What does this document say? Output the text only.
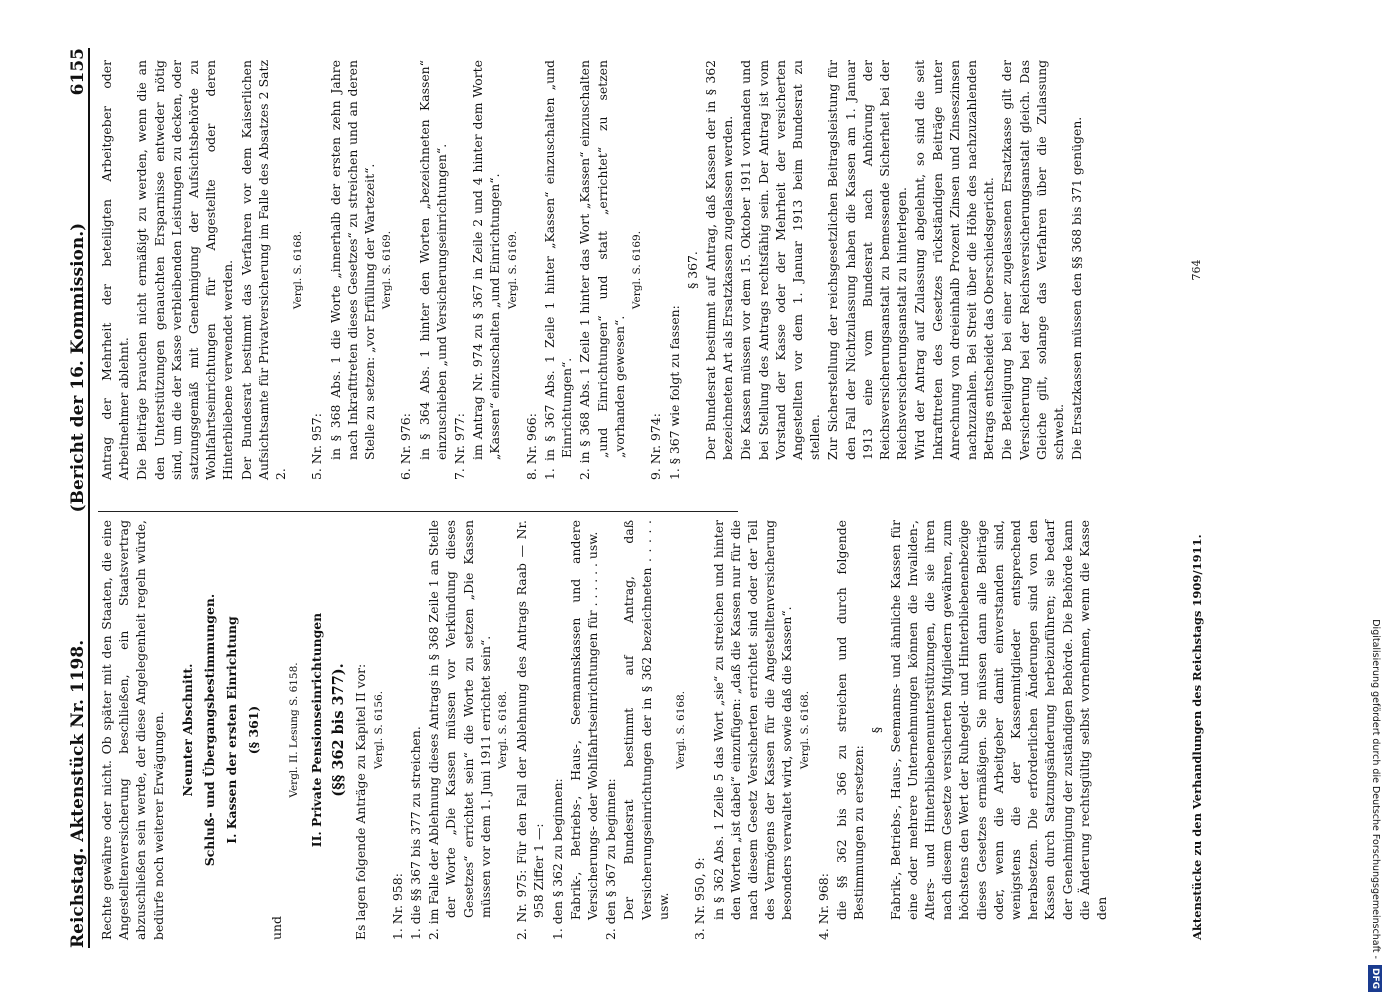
Reichstag. Aktenstück Nr. 1198.
(Bericht der 16. Kommission.)
6155

Rechte gewähre oder nicht. Ob später mit den Staaten, die eine Angestelltenversicherung beschließen, ein Staatsvertrag abzuschließen sein werde, der diese Angelegenheit regeln würde, bedürfe noch weiterer Erwägungen. Neunter Abschnitt. Schluß- und Übergangsbestimmungen. I. Kassen der ersten Einrichtung (§ 361)

und

Vergl. II. Lesung S. 6158. II. Private Pensionseinrichtungen (§§ 362 bis 377). Es lagen folgende Anträge zu Kapitel II vor: Vergl. S. 6156.

1. Nr. 958: 1. die §§ 367 bis 377 zu streichen. 2. im Falle der Ablehnung dieses Antrags in § 368 Zeile 1 an Stelle der Worte „Die Kassen müssen vor Verkündung dieses Gesetzes“ errichtet sein“ die Worte zu setzen „Die Kassen müssen vor dem 1. Juni 1911 errichtet sein“. Vergl. S. 6168. 2. Nr. 975: Für den Fall der Ablehnung des Antrags Raab — Nr. 958 Ziffer 1 —: 1. den § 362 zu beginnen: Fabrik-, Betriebs-, Haus-, Seemannskassen und andere Versicherungs- oder Wohlfahrtseinrichtungen für . . . . . . usw. 2. den § 367 zu beginnen: Der Bundesrat bestimmt auf Antrag, daß Versicherungseinrichtungen der in § 362 bezeichneten . . . . . usw.

Vergl. S. 6168.

3. Nr. 950, 9: in § 362 Abs. 1 Zeile 5 das Wort „sie“ zu streichen und hinter den Worten „ist dabei“ einzufügen: „daß die Kassen nur für die nach diesem Gesetz Versicherten errichtet sind oder der Teil des Vermögens der Kassen für die Angestelltenversicherung besonders verwaltet wird, sowie daß die Kassen“. Vergl. S. 6168.

4. Nr. 968: die §§ 362 bis 366 zu streichen und durch folgende Bestimmungen zu ersetzen:

§ Fabrik-, Betriebs-, Haus-, Seemanns- und ähnliche Kassen für eine oder mehrere Unternehmungen können die Invaliden-, Alters- und Hinterbliebenenunterstützungen, die sie ihren nach diesem Gesetze versicherten Mitgliedern gewähren, zum höchstens den Wert der Ruhegeld- und Hinterbliebenenbezüge dieses Gesetzes ermäßigen. Sie müssen dann alle Beiträge oder, wenn die Arbeitgeber damit einverstanden sind, wenigstens die der Kassenmitglieder entsprechend herabsetzen. Die erforderlichen Änderungen sind von den Kassen durch Satzungsänderung herbeizuführen; sie bedarf der Genehmigung der zuständigen Behörde. Die Behörde kann die Änderung rechtsgültig selbst vornehmen, wenn die Kasse den

Antrag der Mehrheit der beteiligten Arbeitgeber oder Arbeitnehmer ablehnt. Die Beiträge brauchen nicht ermäßigt zu werden, wenn die an den Unterstützungen genauchten Ersparnisse entweder nötig sind, um die der Kasse verbleibenden Leistungen zu decken, oder satzungsgemäß mit Genehmigung der Aufsichtsbehörde zu Wohlfahrtseinrichtungen für Angestellte oder deren Hinterbliebene verwendet werden. Der Bundesrat bestimmt das Verfahren vor dem Kaiserlichen Aufsichtsamte für Privatversicherung im Falle des Absatzes 2 Satz 2.

Vergl. S. 6168.

5. Nr. 957: in § 368 Abs. 1 die Worte „innerhalb der ersten zehn Jahre nach Inkrafttreten dieses Gesetzes“ zu streichen und an deren Stelle zu setzen: „vor Erfüllung der Wartezeit“. Vergl. S. 6169.

6. Nr. 976: in § 364 Abs. 1 hinter den Worten „bezeichneten Kassen“ einzuschieben „und Versicherungseinrichtungen“. 7. Nr. 977: im Antrag Nr. 974 zu § 367 in Zeile 2 und 4 hinter dem Worte „Kassen“ einzuschalten „und Einrichtungen“. Vergl. S. 6169.

8. Nr. 966: 1. in § 367 Abs. 1 Zeile 1 hinter „Kassen“ einzuschalten „und Einrichtungen“. 2. in § 368 Abs. 1 Zeile 1 hinter das Wort „Kassen“ einzuschalten „und Einrichtungen“ und statt „errichtet“ zu setzen „vorhanden gewesen“.

Vergl. S. 6169.

9. Nr. 974: 1. § 367 wie folgt zu fassen:

§ 367. Der Bundesrat bestimmt auf Antrag, daß Kassen der in § 362 bezeichneten Art als Ersatzkassen zugelassen werden. Die Kassen müssen vor dem 15. Oktober 1911 vorhanden und bei Stellung des Antrags rechtsfähig sein. Der Antrag ist vom Vorstand der Kasse oder der Mehrheit der versicherten Angestellten vor dem 1. Januar 1913 beim Bundesrat zu stellen. Zur Sicherstellung der reichsgesetzlichen Beitragsleistung für den Fall der Nichtzulassung haben die Kassen am 1. Januar 1913 eine vom Bundesrat nach Anhörung der Reichsversicherungsanstalt zu bemessende Sicherheit bei der Reichsversicherungsanstalt zu hinterlegen. Wird der Antrag auf Zulassung abgelehnt, so sind die seit Inkrafttreten des Gesetzes rückständigen Beiträge unter Anrechnung von dreieinhalb Prozent Zinsen und Zinseszinsen nachzuzahlen. Bei Streit über die Höhe des nachzuzahlenden Betrags entscheidet das Oberschiedsgericht. Die Beteiligung bei einer zugelassenen Ersatzkasse gilt der Versicherung bei der Reichsversicherungsanstalt gleich. Das Gleiche gilt, solange das Verfahren über die Zulassung schwebt. Die Ersatzkassen müssen den §§ 368 bis 371 genügen.

Aktenstücke zu den Verhandlungen des Reichstags 1909/1911.
764
Digitalisierung gefördert durch die Deutsche Forschungsgemeinschaft -DFG
